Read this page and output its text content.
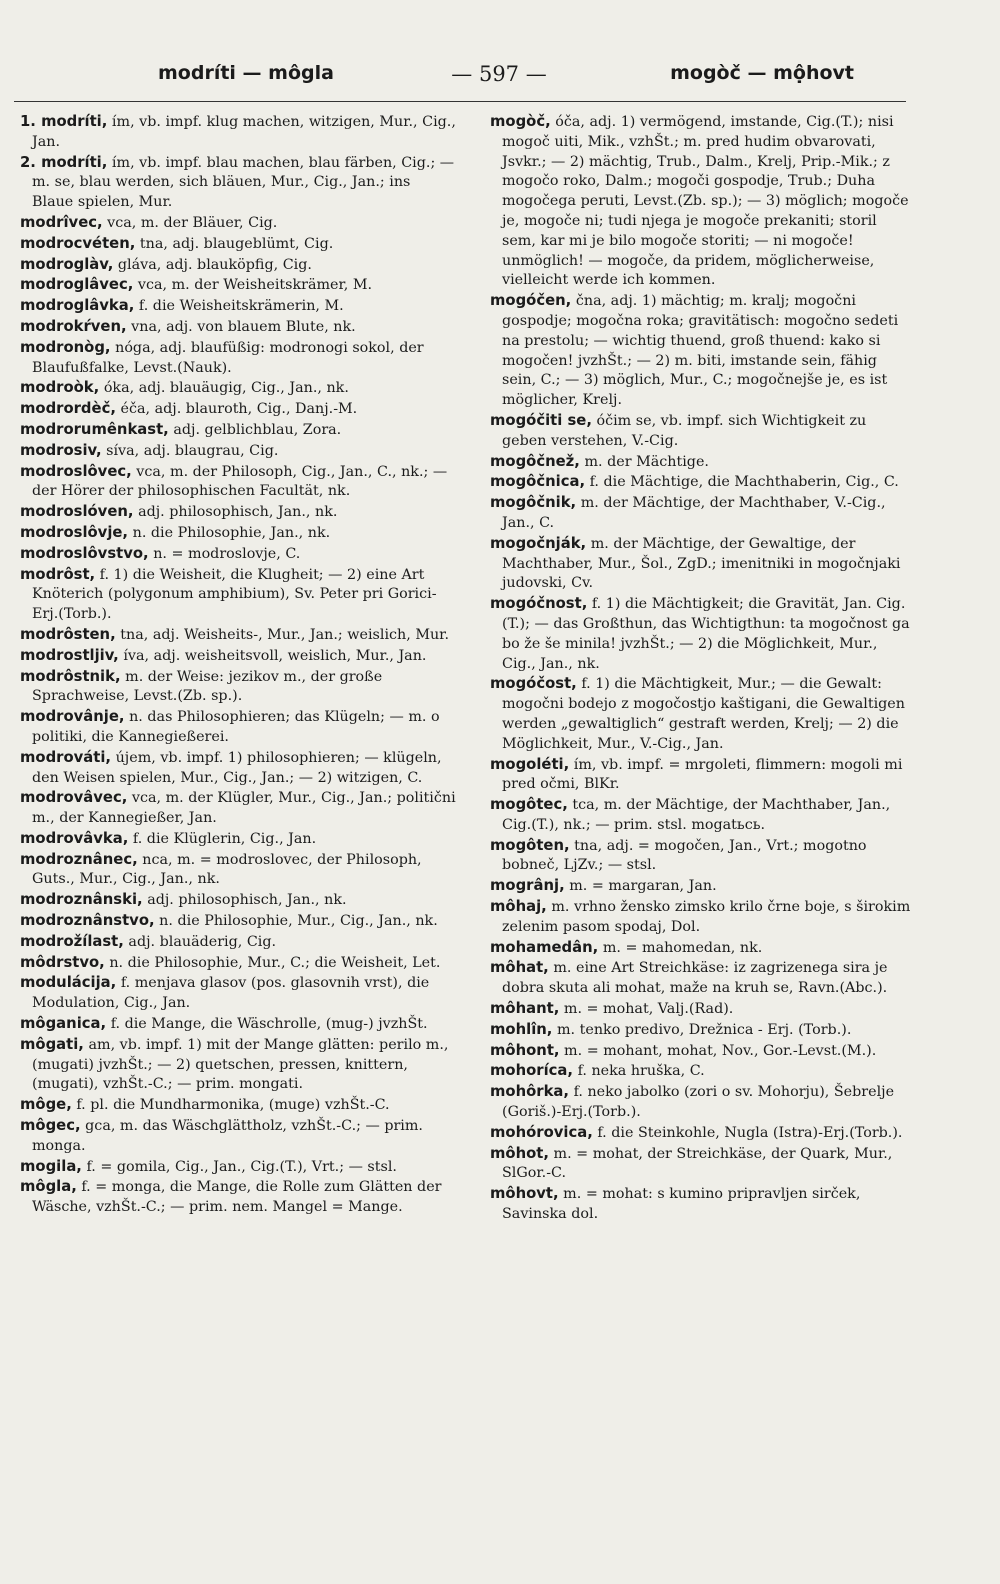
modríti — môgla	— 597 —	mogòč — mộhovt

1. modríti, ím, vb. impf. klug machen, witzigen, Mur., Cig., Jan.

2. modríti, ím, vb. impf. blau machen, blau färben, Cig.; — m. se, blau werden, sich bläuen, Mur., Cig., Jan.; ins Blaue spielen, Mur.

modrîvec, vca, m. der Bläuer, Cig.

modrocvéten, tna, adj. blaugeblümt, Cig.

modroglàv, gláva, adj. blauköpfig, Cig.

modroglâvec, vca, m. der Weisheitskrämer, M.

modroglâvka, f. die Weisheitskrämerin, M.

modrokŕven, vna, adj. von blauem Blute, nk.

modronòg, nóga, adj. blaufüßig: modronogi sokol, der Blaufußfalke, Levst.(Nauk).

modroòk, óka, adj. blauäugig, Cig., Jan., nk.

modrordèč, éča, adj. blauroth, Cig., Danj.-M.

modrorumênkast, adj. gelblichblau, Zora.

modrosiv, síva, adj. blaugrau, Cig.

modroslôvec, vca, m. der Philosoph, Cig., Jan., C., nk.; — der Hörer der philosophischen Facultät, nk.

modroslóven, adj. philosophisch, Jan., nk.

modroslôvje, n. die Philosophie, Jan., nk.

modroslôvstvo, n. = modroslovje, C.

modrôst, f. 1) die Weisheit, die Klugheit; — 2) eine Art Knöterich (polygonum amphibium), Sv. Peter pri Gorici-Erj.(Torb.).

modrôsten, tna, adj. Weisheits-, Mur., Jan.; weislich, Mur.

modrostljiv, íva, adj. weisheitsvoll, weislich, Mur., Jan.

modrôstnik, m. der Weise: jezikov m., der große Sprachweise, Levst.(Zb. sp.).

modrovânje, n. das Philosophieren; das Klügeln; — m. o politiki, die Kannegießerei.

modrováti, újem, vb. impf. 1) philosophieren; — klügeln, den Weisen spielen, Mur., Cig., Jan.; — 2) witzigen, C.

modrovâvec, vca, m. der Klügler, Mur., Cig., Jan.; politični m., der Kannegießer, Jan.

modrovâvka, f. die Klüglerin, Cig., Jan.

modroznânec, nca, m. = modroslovec, der Philosoph, Guts., Mur., Cig., Jan., nk.

modroznânski, adj. philosophisch, Jan., nk.

modroznânstvo, n. die Philosophie, Mur., Cig., Jan., nk.

modrožílast, adj. blauäderig, Cig.

môdrstvo, n. die Philosophie, Mur., C.; die Weisheit, Let.

modulácija, f. menjava glasov (pos. glasovnih vrst), die Modulation, Cig., Jan.

môganica, f. die Mange, die Wäschrolle, (mug-) jvzhŠt.

môgati, am, vb. impf. 1) mit der Mange glätten: perilo m., (mugati) jvzhŠt.; — 2) quetschen, pressen, knittern, (mugati), vzhŠt.-C.; — prim. mongati.

môge, f. pl. die Mundharmonika, (muge) vzhŠt.-C.

môgec, gca, m. das Wäschglättholz, vzhŠt.-C.; — prim. monga.

mogila, f. = gomila, Cig., Jan., Cig.(T.), Vrt.; — stsl.

môgla, f. = monga, die Mange, die Rolle zum Glätten der Wäsche, vzhŠt.-C.; — prim. nem. Mangel = Mange.

mogòč, óča, adj. 1) vermögend, imstande, Cig.(T.); nisi mogoč uiti, Mik., vzhŠt.; m. pred hudim obvarovati, Jsvkr.; — 2) mächtig, Trub., Dalm., Krelj, Prip.-Mik.; z mogočo roko, Dalm.; mogoči gospodje, Trub.; Duha mogočega peruti, Levst.(Zb. sp.); — 3) möglich; mogoče je, mogoče ni; tudi njega je mogoče prekaniti; storil sem, kar mi je bilo mogoče storiti; — ni mogoče! unmöglich! — mogoče, da pridem, möglicherweise, vielleicht werde ich kommen.

mogóčen, čna, adj. 1) mächtig; m. kralj; mogočni gospodje; mogočna roka; gravitätisch: mogočno sedeti na prestolu; — wichtig thuend, groß thuend: kako si mogočen! jvzhŠt.; — 2) m. biti, imstande sein, fähig sein, C.; — 3) möglich, Mur., C.; mogočnejše je, es ist möglicher, Krelj.

mogóčiti se, óčim se, vb. impf. sich Wichtigkeit zu geben verstehen, V.-Cig.

mogôčnež, m. der Mächtige.

mogôčnica, f. die Mächtige, die Machthaberin, Cig., C.

mogôčnik, m. der Mächtige, der Machthaber, V.-Cig., Jan., C.

mogočnják, m. der Mächtige, der Gewaltige, der Machthaber, Mur., Šol., ZgD.; imenitniki in mogočnjaki judovski, Cv.

mogóčnost, f. 1) die Mächtigkeit; die Gravität, Jan. Cig.(T.); — das Großthun, das Wichtigthun: ta mogočnost ga bo že še minila! jvzhŠt.; — 2) die Möglichkeit, Mur., Cig., Jan., nk.

mogóčost, f. 1) die Mächtigkeit, Mur.; — die Gewalt: mogočni bodejo z mogočostjo kaštigani, die Gewaltigen werden „gewaltiglich“ gestraft werden, Krelj; — 2) die Möglichkeit, Mur., V.-Cig., Jan.

mogoléti, ím, vb. impf. = mrgoleti, flimmern: mogoli mi pred očmi, BlKr.

mogôtec, tca, m. der Mächtige, der Machthaber, Jan., Cig.(T.), nk.; — prim. stsl. mogatьсь.

mogôten, tna, adj. = mogočen, Jan., Vrt.; mogotno bobneč, LjZv.; — stsl.

mogrânj, m. = margaran, Jan.

môhaj, m. vrhno žensko zimsko krilo črne boje, s širokim zelenim pasom spodaj, Dol.

mohamedân, m. = mahomedan, nk.

môhat, m. eine Art Streichkäse: iz zagrizenega sira je dobra skuta ali mohat, maže na kruh se, Ravn.(Abc.).

môhant, m. = mohat, Valj.(Rad).

mohlîn, m. tenko predivo, Drežnica - Erj. (Torb.).

môhont, m. = mohant, mohat, Nov., Gor.-Levst.(M.).

mohoríca, f. neka hruška, C.

mohôrka, f. neko jabolko (zori o sv. Mohorju), Šebrelje (Goriš.)-Erj.(Torb.).

mohórovica, f. die Steinkohle, Nugla (Istra)-Erj.(Torb.).

môhot, m. = mohat, der Streichkäse, der Quark, Mur., SlGor.-C.

môhovt, m. = mohat: s kumino pripravljen sirček, Savinska dol.
